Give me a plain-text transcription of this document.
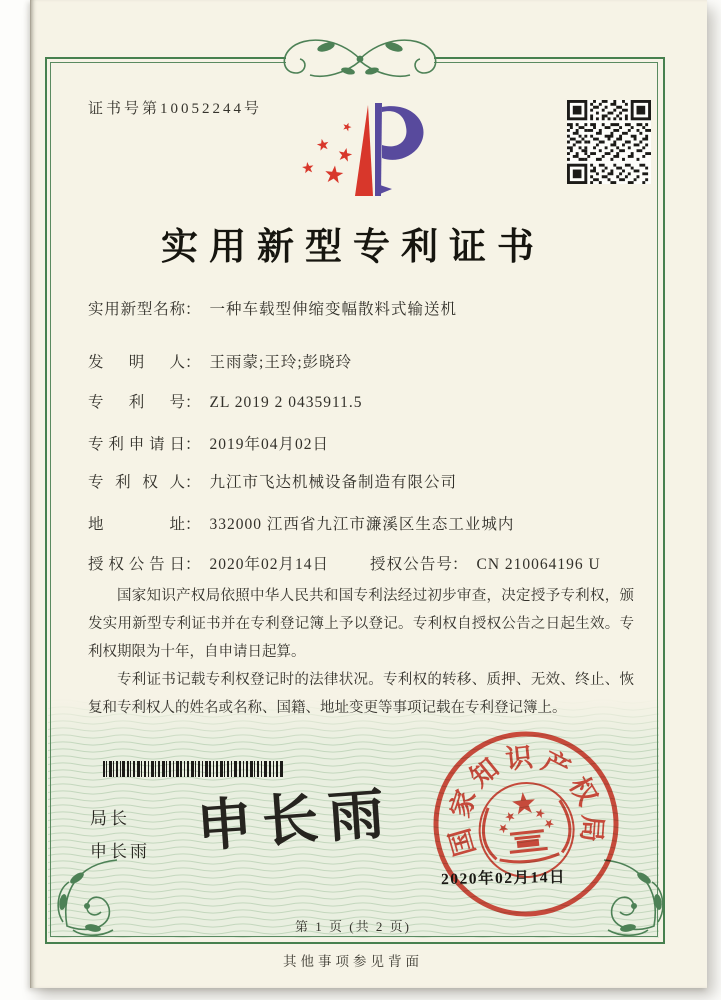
证书号第10052244号
实用新型专利证书
实用新型名称： 一种车载型伸缩变幅散料式输送机
发明人： 王雨蒙;王玲;彭晓玲
专利号： ZL 2019 2 0435911.5
专利申请日： 2019年04月02日
专利权人： 九江市飞达机械设备制造有限公司
地址： 332000 江西省九江市濂溪区生态工业城内
授权公告日： 2020年02月14日	授权公告号： CN 210064196 U

国家知识产权局依照中华人民共和国专利法经过初步审查，决定授予专利权，颁发实用新型专利证书并在专利登记簿上予以登记。专利权自授权公告之日起生效。专利权期限为十年，自申请日起算。

专利证书记载专利权登记时的法律状况。专利权的转移、质押、无效、终止、恢复和专利权人的姓名或名称、国籍、地址变更等事项记载在专利登记簿上。

局长
申长雨 申长雨 国
家
知 识 产
权
局
2020年02月14日
第 1 页 (共 2 页)
其他事项参见背面
